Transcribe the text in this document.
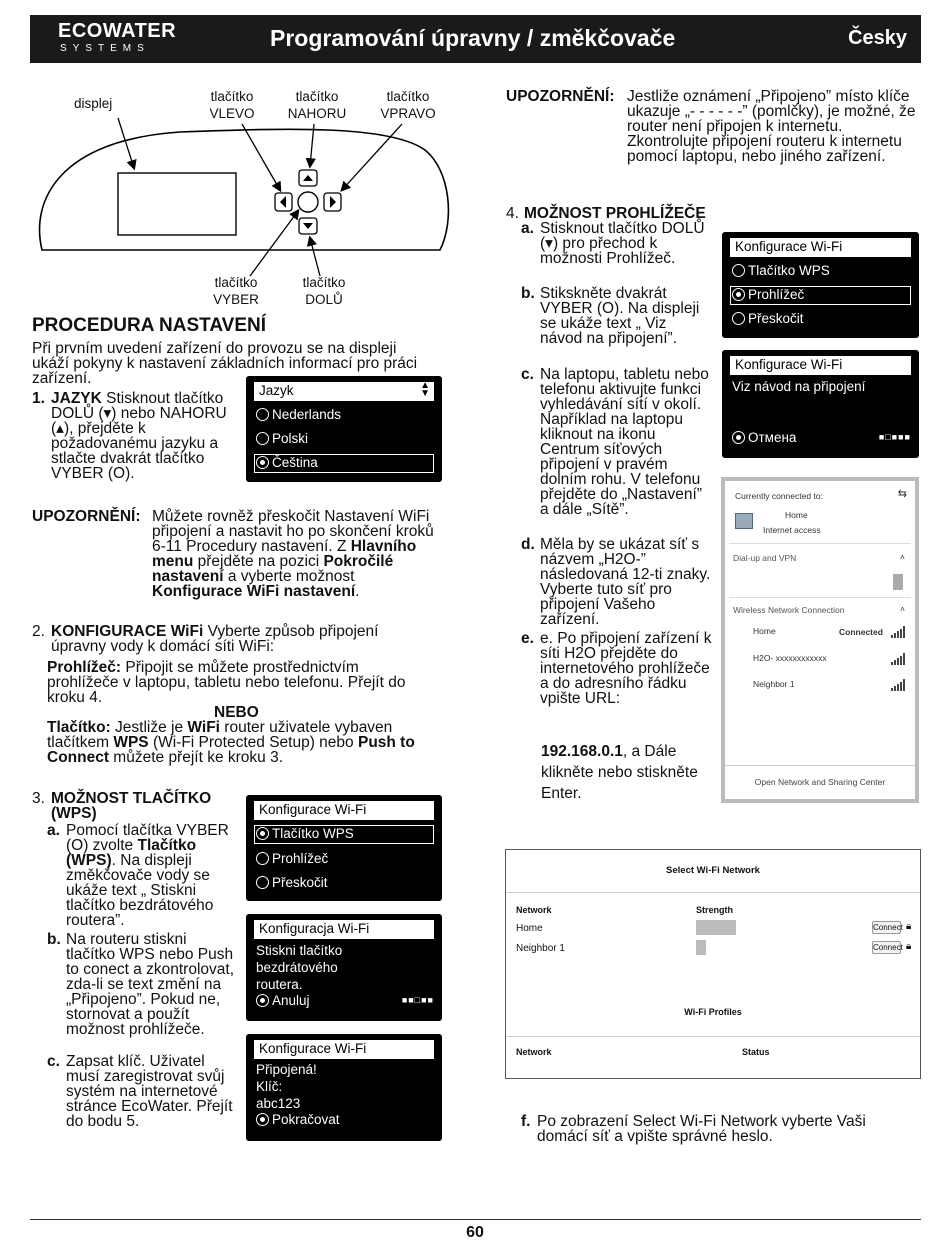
ECOWATER
SYSTEMS	Programování úpravny / změkčovače	Česky
displej	tlačítko
VLEVO
tlačítko
NAHORU
tlačítko
VPRAVO
tlačítko
VYBER
tlačítko
DOLŮ
PROCEDURA NASTAVENÍ
Při prvním uvedení zařízení do provozu se na displeji ukáží pokyny k nastavení základních informací pro práci zařízení.
1. JAZYK Stisknout tlačítko DOLŮ (▾) nebo NAHORU (▴), přejděte k požadovanému jazyku a stlačte dvakrát tlačítko VYBER (O).
Jazyk	▲
▼
Nederlands
Polski
Čeština
UPOZORNĚNÍ: Můžete rovněž přeskočit Nastavení WiFi připojení a nastavit ho po skončení kroků 6-11 Procedury nastavení. Z Hlavního menu přejděte na pozici Pokročilé nastavení a vyberte možnost Konfigurace WiFi nastavení.
2. KONFIGURACE WiFi Vyberte způsob připojení úpravny vody k domácí síti WiFi:
Prohlížeč: Připojit se můžete prostřednictvím prohlížeče v laptopu, tabletu nebo telefonu. Přejít do kroku 4.
NEBO
Tlačítko: Jestliže je WiFi router uživatele vybaven tlačítkem WPS (Wi-Fi Protected Setup) nebo Push to Connect můžete přejít ke kroku 3.
3. MOŽNOST TLAČÍTKO (WPS)
a. Pomocí tlačítka VYBER (O) zvolte Tlačítko (WPS). Na displeji změkčovače vody se ukáže text „ Stiskni tlačítko bezdrátového routera”.
b. Na routeru stiskni tlačítko WPS nebo Push to conect a zkontrolovat, zda-li se text změní na „Připojeno”. Pokud ne, stornovat a použít možnost prohlížeče.
c. Zapsat klíč. Uživatel musí zaregistrovat svůj systém na internetové stránce EcoWater. Přejít do bodu 5.
Konfigurace Wi-Fi
Tlačítko WPS
Prohlížeč
Přeskočit
Konfiguracja Wi-Fi
Stiskni tlačítko
bezdrátového
routera.
Anuluj	■■□■■
Konfigurace Wi-Fi
Připojená!
Klíč:
abc123
Pokračovat
UPOZORNĚNÍ: Jestliže oznámení „Připojeno” místo klíče ukazuje „- - - - - -” (pomlčky), je možné, že router není připojen k internetu. Zkontrolujte připojení routeru k internetu pomocí laptopu, nebo jiného zařízení.
4. MOŽNOST PROHLÍŽEČE
a. Stisknout tlačítko DOLŮ (▾) pro přechod k možnosti Prohlížeč.
b. Stikskněte dvakrát VYBER (O). Na displeji se ukáže text „ Viz návod na připojení”.
c. Na laptopu, tabletu nebo telefonu aktivujte funkci vyhledávání sítí v okolí. Například na laptopu kliknout na ikonu Centrum síťových připojení v pravém dolním rohu. V telefonu přejděte do „Nastavení” a dále „Sítě”.
d. Měla by se ukázat síť s názvem „H2O-” následovaná 12-ti znaky. Vyberte tuto síť pro připojení Vašeho zařízení.
e. e. Po připojení zařízení k síti H2O přejděte do internetového prohlížeče a do adresního řádku vpište URL:
192.168.0.1, a Dále klikněte nebo stiskněte Enter.
Konfigurace Wi-Fi
Tlačítko WPS
Prohlížeč
Přeskočit
Konfigurace Wi-Fi
Viz návod na připojení
Отмена	■□■■■
Currently connected to:	⇆
Home
Internet access
Dial-up and VPN	˄
Wireless Network Connection	˄
Home	Connected
H2O- xxxxxxxxxxxx
Neighbor 1
Open Network and Sharing Center
Select Wi-Fi Network
Network	Strength
Home	Connect 🔒︎
Neighbor 1	Connect 🔒︎
Wi-Fi Profiles
Network	Status
f. Po zobrazení Select Wi-Fi Network vyberte Vaši domácí síť a vpište správné heslo.
60
